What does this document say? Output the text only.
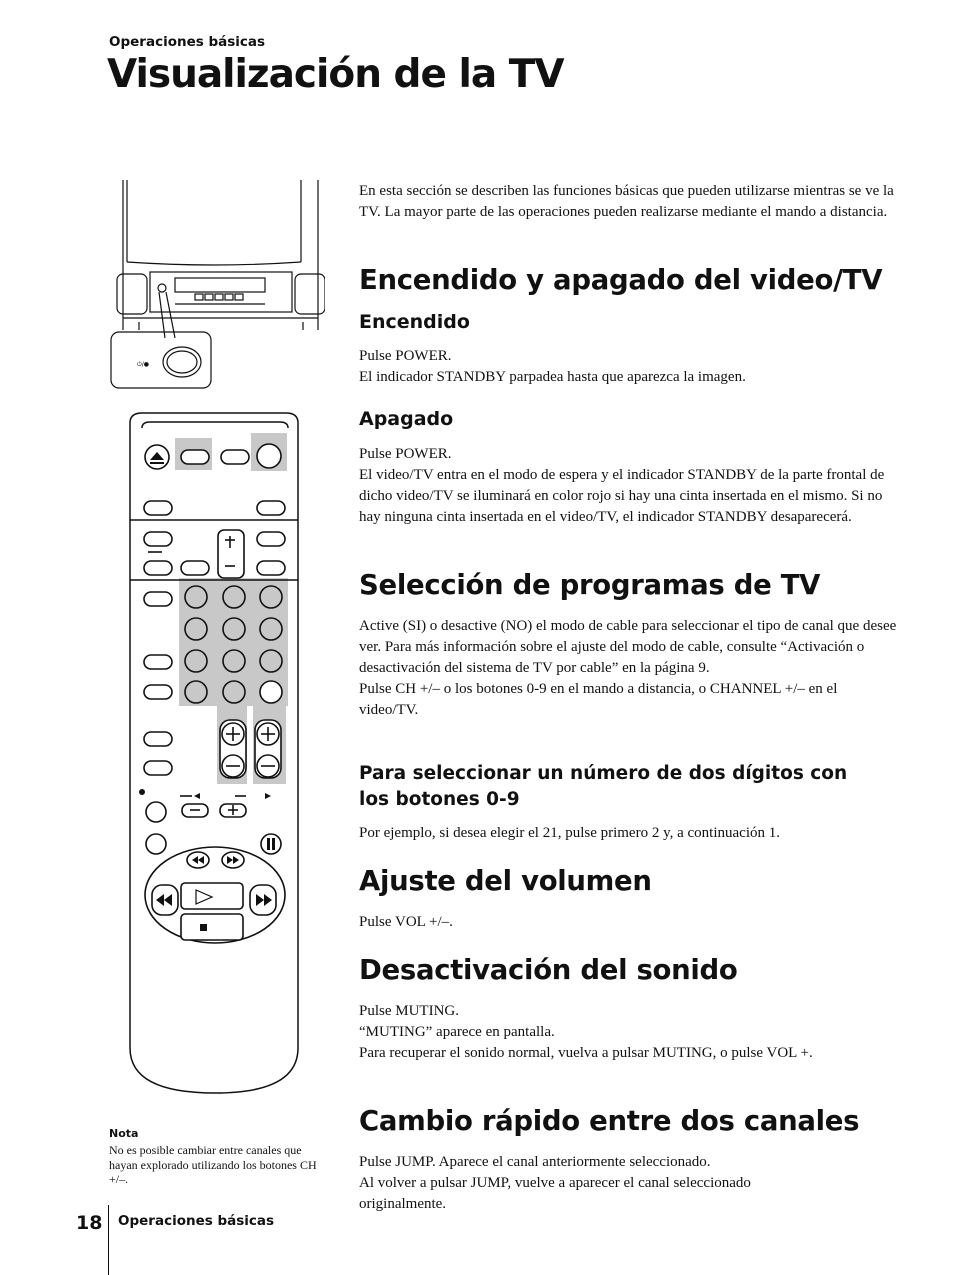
Operaciones básicas
Visualización de la TV
⏻/●

En esta sección se describen las funciones básicas que pueden utilizarse mientras se ve la TV. La mayor parte de las operaciones pueden realizarse mediante el mando a distancia.

Encendido y apagado del video/TV
Encendido

Pulse POWER.

El indicador STANDBY parpadea hasta que aparezca la imagen.

Apagado

Pulse POWER.

El video/TV entra en el modo de espera y el indicador STANDBY de la parte frontal de dicho video/TV se iluminará en color rojo si hay una cinta insertada en el mismo. Si no hay ninguna cinta insertada en el video/TV, el indicador STANDBY desaparecerá.

Selección de programas de TV

Active (SI) o desactive (NO) el modo de cable para seleccionar el tipo de canal que desee ver. Para más información sobre el ajuste del modo de cable, consulte “Activación o desactivación del sistema de TV por cable” en la página 9.

Pulse CH +/– o los botones 0-9 en el mando a distancia, o CHANNEL +/– en el video/TV.

Para seleccionar un número de dos dígitos con los botones 0-9

Por ejemplo, si desea elegir el 21, pulse primero 2 y, a continuación 1.

Ajuste del volumen

Pulse VOL +/–.

Desactivación del sonido

Pulse MUTING.

“MUTING” aparece en pantalla.

Para recuperar el sonido normal, vuelva a pulsar MUTING, o pulse VOL +.

Cambio rápido entre dos canales

Pulse JUMP. Aparece el canal anteriormente seleccionado.

Al volver a pulsar JUMP, vuelve a aparecer el canal seleccionado originalmente.

Nota
No es posible cambiar entre canales que hayan explorado utilizando los botones CH +/–.
18 Operaciones básicas
